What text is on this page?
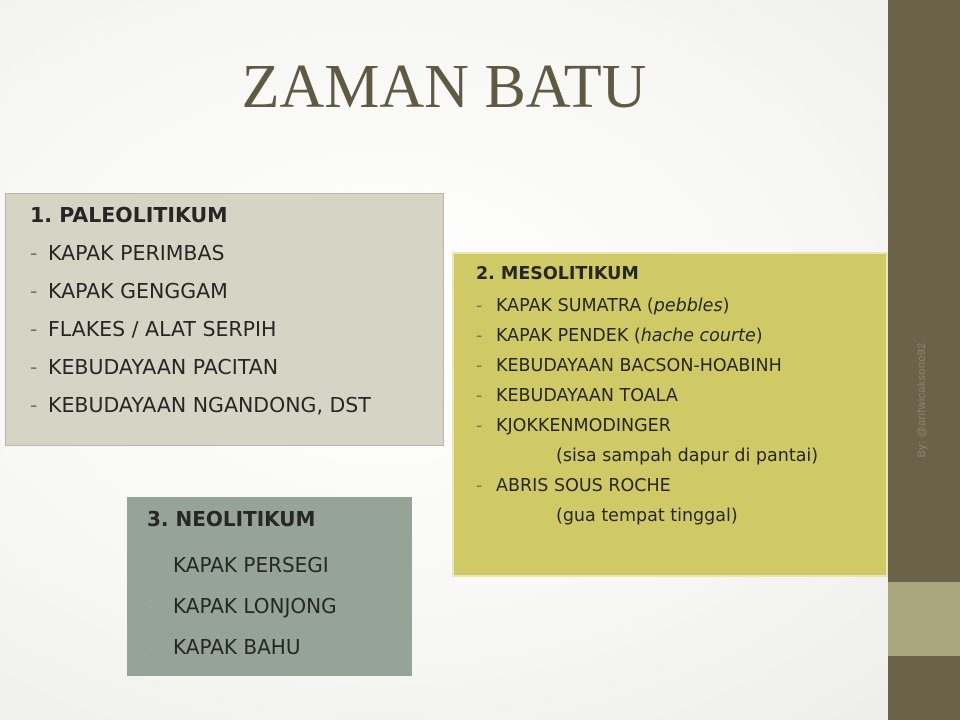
By: @arifwicaksono92
ZAMAN BATU
1. PALEOLITIKUM
- KAPAK PERIMBAS
- KAPAK GENGGAM
- FLAKES / ALAT SERPIH
- KEBUDAYAAN PACITAN
- KEBUDAYAAN NGANDONG, DST
2. MESOLITIKUM
- KAPAK SUMATRA (pebbles)
- KAPAK PENDEK (hache courte)
- KEBUDAYAAN BACSON-HOABINH
- KEBUDAYAAN TOALA
- KJOKKENMODINGER
(sisa sampah dapur di pantai)
- ABRIS SOUS ROCHE
(gua tempat tinggal)
3. NEOLITIKUM
- KAPAK PERSEGI
- KAPAK LONJONG
- KAPAK BAHU
